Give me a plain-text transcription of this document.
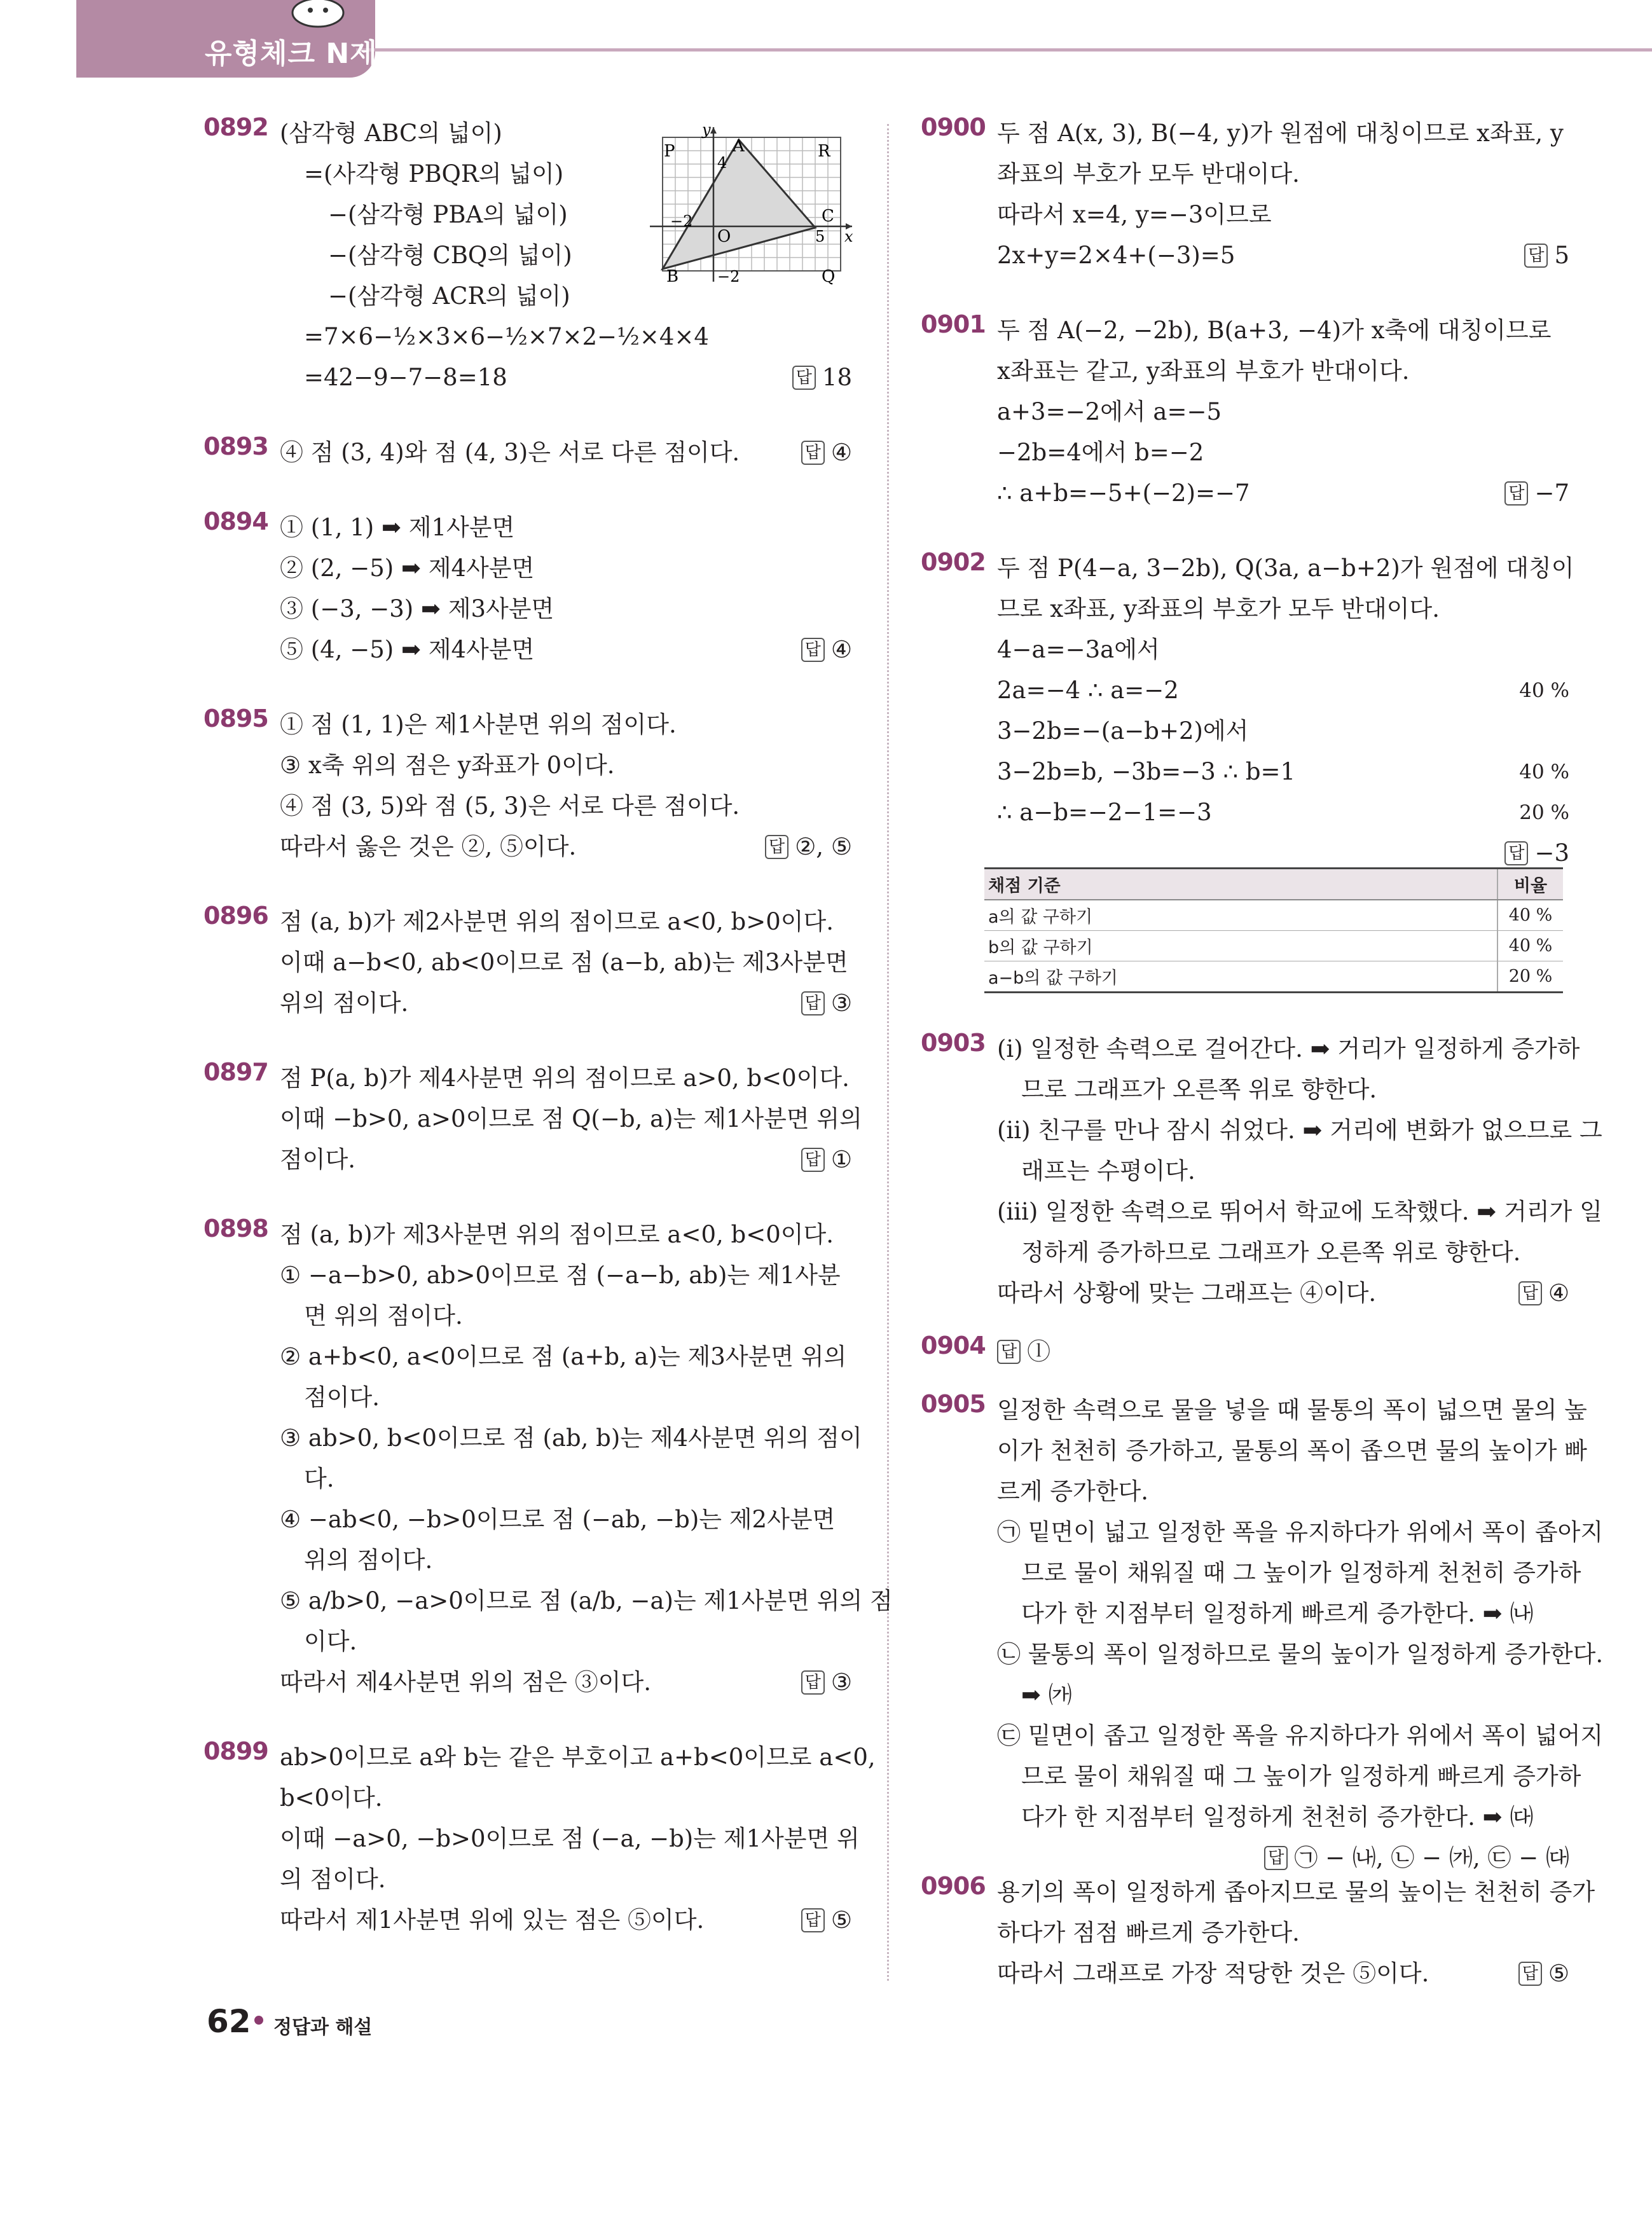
유형체크 N제
P	A	R
C
B	Q
O	x
y
4
5
−2
−2
0892 (삼각형 ABC의 넓이)
=(사각형 PBQR의 넓이)
−(삼각형 PBA의 넓이)
−(삼각형 CBQ의 넓이)
−(삼각형 ACR의 넓이)
=7×6−½×3×6−½×7×2−½×4×4
=42−9−7−8=18	답 18
0893 ④ 점 (3, 4)와 점 (4, 3)은 서로 다른 점이다.	답 ④
0894 ① (1, 1) ➡ 제1사분면
② (2, −5) ➡ 제4사분면
③ (−3, −3) ➡ 제3사분면
⑤ (4, −5) ➡ 제4사분면	답 ④
0895 ① 점 (1, 1)은 제1사분면 위의 점이다.
③ x축 위의 점은 y좌표가 0이다.
④ 점 (3, 5)와 점 (5, 3)은 서로 다른 점이다.
따라서 옳은 것은 ②, ⑤이다.	답 ②, ⑤
0896 점 (a, b)가 제2사분면 위의 점이므로 a<0, b>0이다.
이때 a−b<0, ab<0이므로 점 (a−b, ab)는 제3사분면
위의 점이다.	답 ③
0897 점 P(a, b)가 제4사분면 위의 점이므로 a>0, b<0이다.
이때 −b>0, a>0이므로 점 Q(−b, a)는 제1사분면 위의
점이다.	답 ①
0898 점 (a, b)가 제3사분면 위의 점이므로 a<0, b<0이다.
① −a−b>0, ab>0이므로 점 (−a−b, ab)는 제1사분
면 위의 점이다.
② a+b<0, a<0이므로 점 (a+b, a)는 제3사분면 위의
점이다.
③ ab>0, b<0이므로 점 (ab, b)는 제4사분면 위의 점이
다.
④ −ab<0, −b>0이므로 점 (−ab, −b)는 제2사분면
위의 점이다.
⑤ a/b>0, −a>0이므로 점 (a/b, −a)는 제1사분면 위의 점
이다.
따라서 제4사분면 위의 점은 ③이다.	답 ③
0899 ab>0이므로 a와 b는 같은 부호이고 a+b<0이므로 a<0,
b<0이다.
이때 −a>0, −b>0이므로 점 (−a, −b)는 제1사분면 위
의 점이다.
따라서 제1사분면 위에 있는 점은 ⑤이다.	답 ⑤
0900 두 점 A(x, 3), B(−4, y)가 원점에 대칭이므로 x좌표, y
좌표의 부호가 모두 반대이다.
따라서 x=4, y=−3이므로
2x+y=2×4+(−3)=5	답 5
0901 두 점 A(−2, −2b), B(a+3, −4)가 x축에 대칭이므로
x좌표는 같고, y좌표의 부호가 반대이다.
a+3=−2에서 a=−5
−2b=4에서 b=−2
∴ a+b=−5+(−2)=−7	답 −7
0902 두 점 P(4−a, 3−2b), Q(3a, a−b+2)가 원점에 대칭이
므로 x좌표, y좌표의 부호가 모두 반대이다.
4−a=−3a에서
2a=−4 ∴ a=−2	40 %
3−2b=−(a−b+2)에서
3−2b=b, −3b=−3 ∴ b=1	40 %
∴ a−b=−2−1=−3	20 %
답 −3
채점 기준	비율
a의 값 구하기	40 %
b의 값 구하기	40 %
a−b의 값 구하기	20 %
0903 (ⅰ) 일정한 속력으로 걸어간다. ➡ 거리가 일정하게 증가하
므로 그래프가 오른쪽 위로 향한다.
(ⅱ) 친구를 만나 잠시 쉬었다. ➡ 거리에 변화가 없으므로 그
래프는 수평이다.
(ⅲ) 일정한 속력으로 뛰어서 학교에 도착했다. ➡ 거리가 일
정하게 증가하므로 그래프가 오른쪽 위로 향한다.
따라서 상황에 맞는 그래프는 ④이다.	답 ④
0904 답 ⓛ
0905 일정한 속력으로 물을 넣을 때 물통의 폭이 넓으면 물의 높
이가 천천히 증가하고, 물통의 폭이 좁으면 물의 높이가 빠
르게 증가한다.
㉠ 밑면이 넓고 일정한 폭을 유지하다가 위에서 폭이 좁아지
므로 물이 채워질 때 그 높이가 일정하게 천천히 증가하
다가 한 지점부터 일정하게 빠르게 증가한다. ➡ ㈏
㉡ 물통의 폭이 일정하므로 물의 높이가 일정하게 증가한다.
➡ ㈎
㉢ 밑면이 좁고 일정한 폭을 유지하다가 위에서 폭이 넓어지
므로 물이 채워질 때 그 높이가 일정하게 빠르게 증가하
다가 한 지점부터 일정하게 천천히 증가한다. ➡ ㈐
답 ㉠ − ㈏, ㉡ − ㈎, ㉢ − ㈐
0906 용기의 폭이 일정하게 좁아지므로 물의 높이는 천천히 증가
하다가 점점 빠르게 증가한다.
따라서 그래프로 가장 적당한 것은 ⑤이다.	답 ⑤
62 정답과 해설
